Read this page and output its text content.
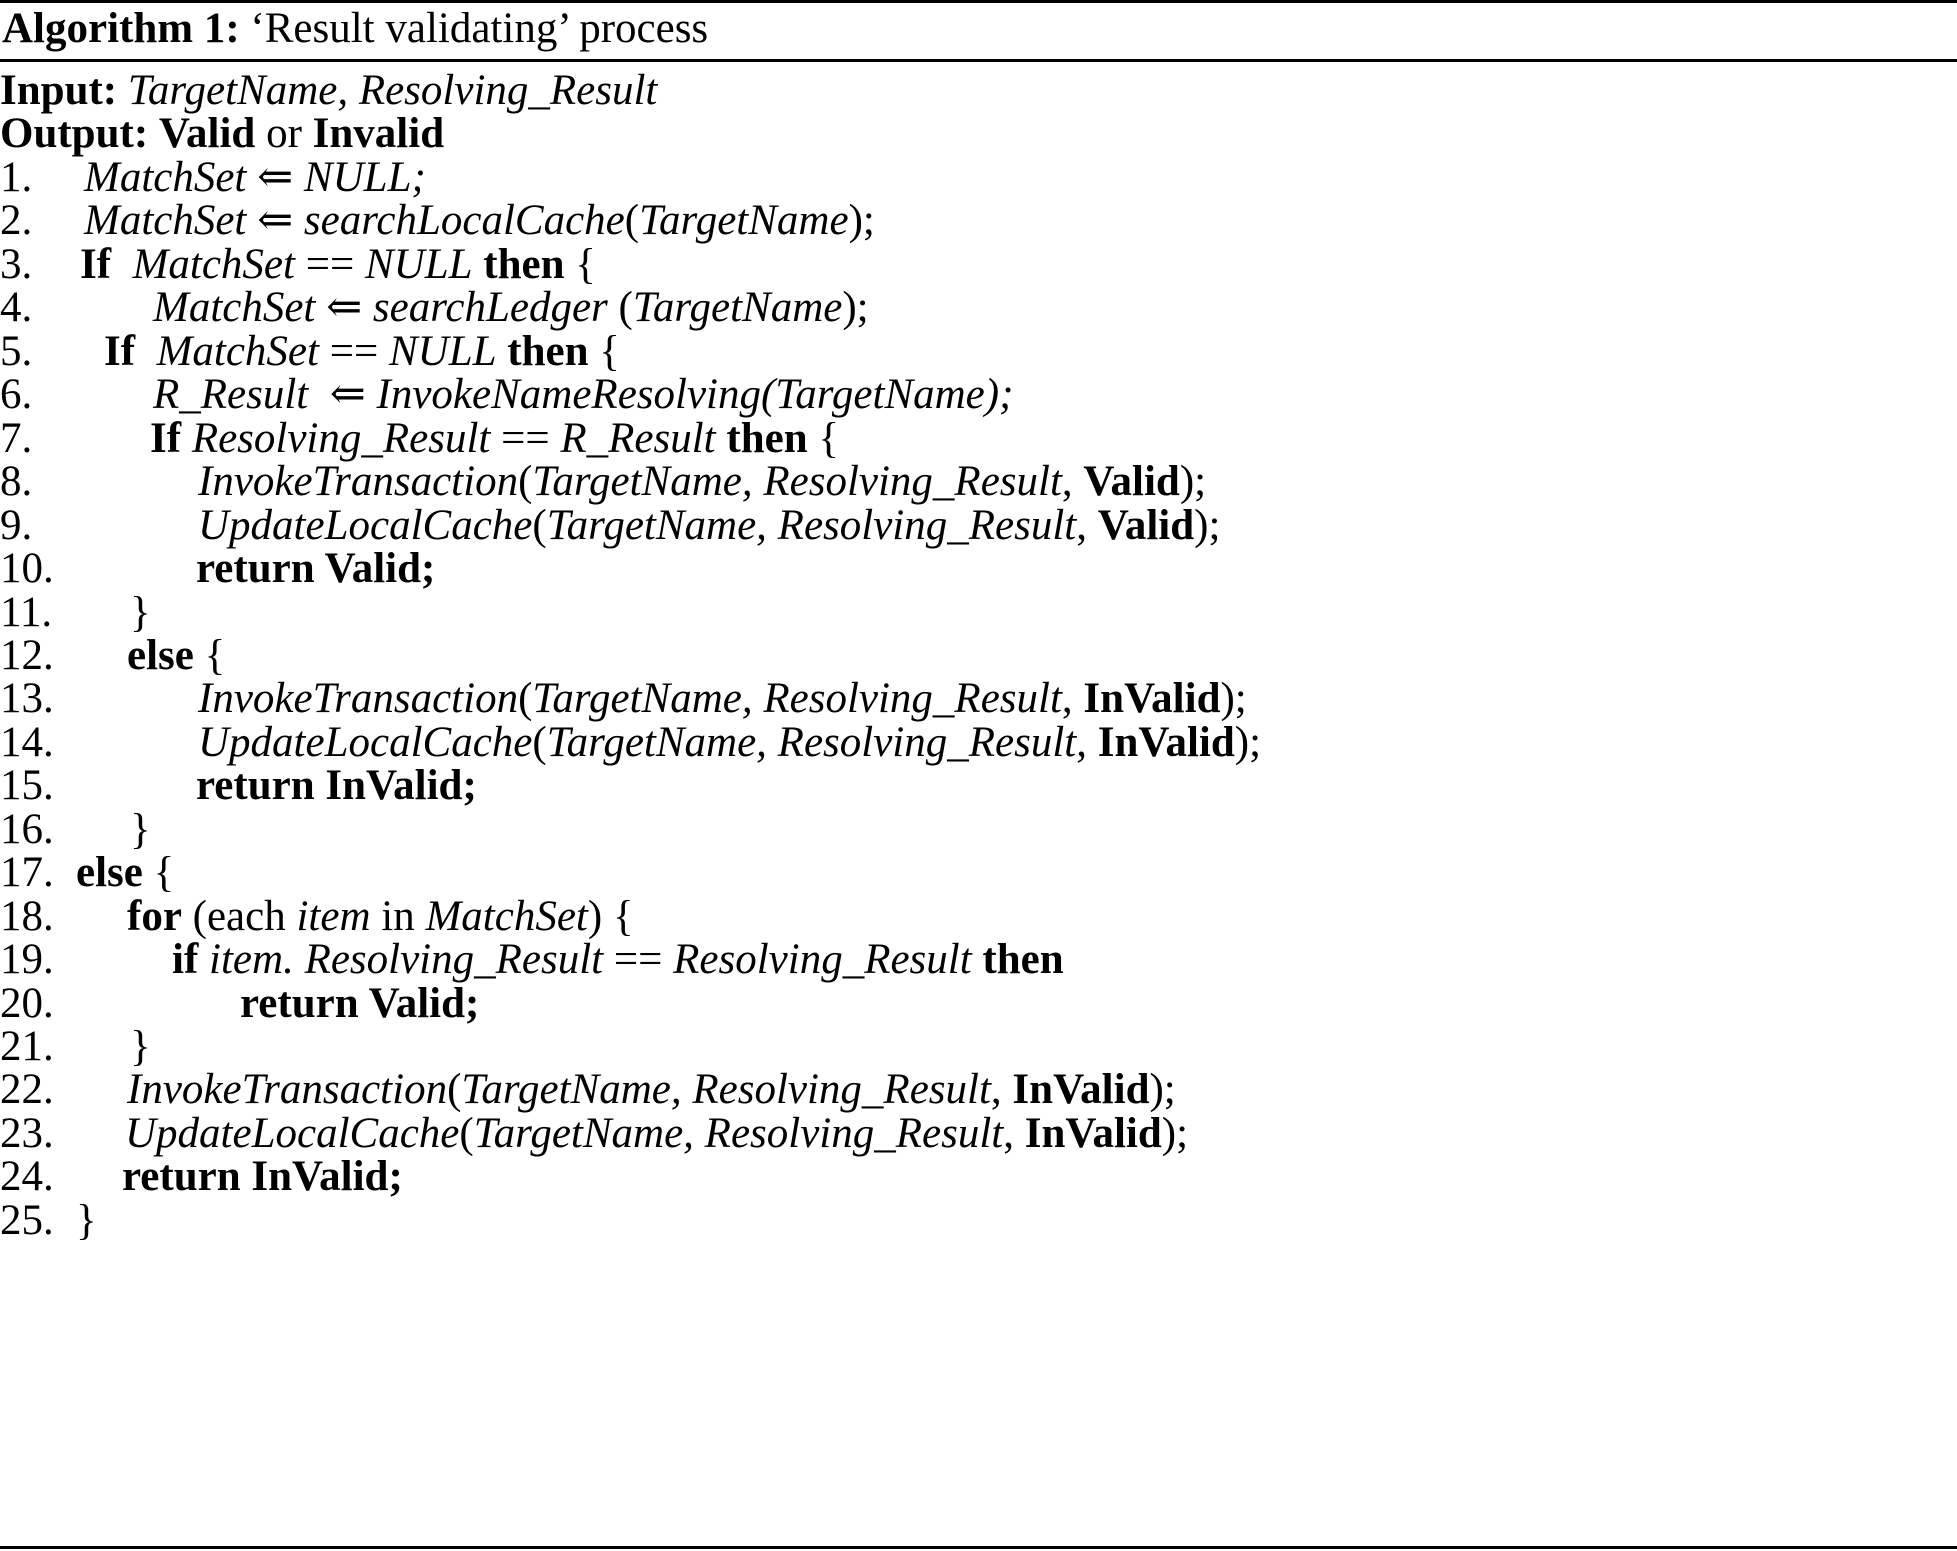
Algorithm 1: ‘Result validating’ process
Input: TargetName, Resolving_Result
Output: Valid or Invalid
1.	MatchSet ⇐ NULL;
2.	MatchSet ⇐ searchLocalCache(TargetName);
3.	If MatchSet == NULL then {
4.	MatchSet ⇐ searchLedger (TargetName);
5.	If MatchSet == NULL then {
6.	R_Result  ⇐ InvokeNameResolving(TargetName);
7.	If Resolving_Result == R_Result then {
8.	InvokeTransaction(TargetName, Resolving_Result, Valid);
9.	UpdateLocalCache(TargetName, Resolving_Result, Valid);
10.	return Valid;
11.	}
12.	else {
13.	InvokeTransaction(TargetName, Resolving_Result, InValid);
14.	UpdateLocalCache(TargetName, Resolving_Result, InValid);
15.	return InValid;
16.	}
17. else {
18.	for (each item in MatchSet) {
19.	if item. Resolving_Result == Resolving_Result then
20.	return Valid;
21.	}
22.	InvokeTransaction(TargetName, Resolving_Result, InValid);
23.	UpdateLocalCache(TargetName, Resolving_Result, InValid);
24.	return InValid;
25. }
